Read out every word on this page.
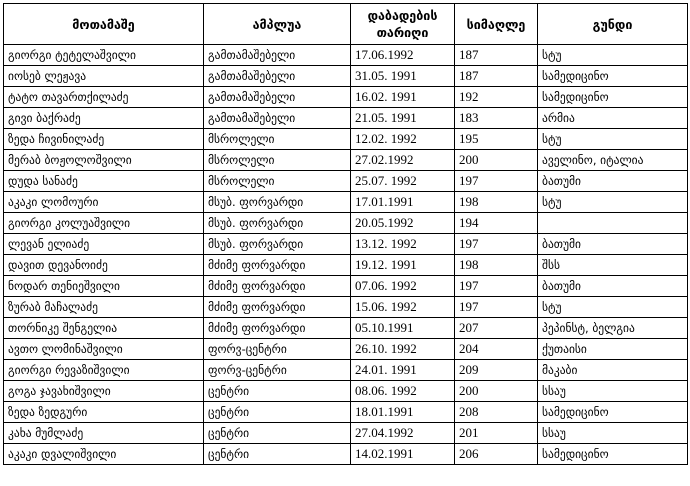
მოთამაშე	ამპლუა	დაბადების თარიღი	სიმაღლე	გუნდი
გიორგი ტეტელაშვილი	გამთამაშებელი	17.06.1992	187	სტუ
იოსებ ლეჟავა	გამთამაშებელი	31.05. 1991	187	სამედიცინო
ტატო თავართქილაძე	გამთამაშებელი	16.02. 1991	192	სამედიცინო
გივი ბაქრაძე	გამთამაშებელი	21.05. 1991	183	არმია
ზედა ჩივინილაძე	მსროლელი	12.02. 1992	195	სტუ
მერაბ ბოჟოლოშვილი	მსროლელი	27.02.1992	200	აველინო, იტალია
დუდა სანაძე	მსროლელი	25.07. 1992	197	ბათუმი
აკაკი ლომოური	მსუბ. ფორვარდი	17.01.1991	198	სტუ
გიორგი კოლუაშვილი	მსუბ. ფორვარდი	20.05.1992	194	
ლევან ელიაძე	მსუბ. ფორვარდი	13.12. 1992	197	ბათუმი
დავით დევანოიძე	მძიმე ფორვარდი	19.12. 1991	198	შსს
ნოდარ თენიეშვილი	მძიმე ფორვარდი	07.06. 1992	197	ბათუმი
ზურაბ მაჩალაძე	მძიმე ფორვარდი	15.06. 1992	197	სტუ
თორნიკე შენგელია	მძიმე ფორვარდი	05.10.1991	207	პეპინსტ, ბელგია
ავთო ლომინაშვილი	ფორვ-ცენტრი	26.10. 1992	204	ქუთაისი
გიორგი რევაზიშვილი	ფორვ-ცენტრი	24.01. 1991	209	მაკაბი
გოგა ჯავახიშვილი	ცენტრი	08.06. 1992	200	სსაუ
ზედა ზედგური	ცენტრი	18.01.1991	208	სამედიცინო
კახა მუმლაძე	ცენტრი	27.04.1992	201	სსაუ
აკაკი დვალიშვილი	ცენტრი	14.02.1991	206	სამედიცინო
